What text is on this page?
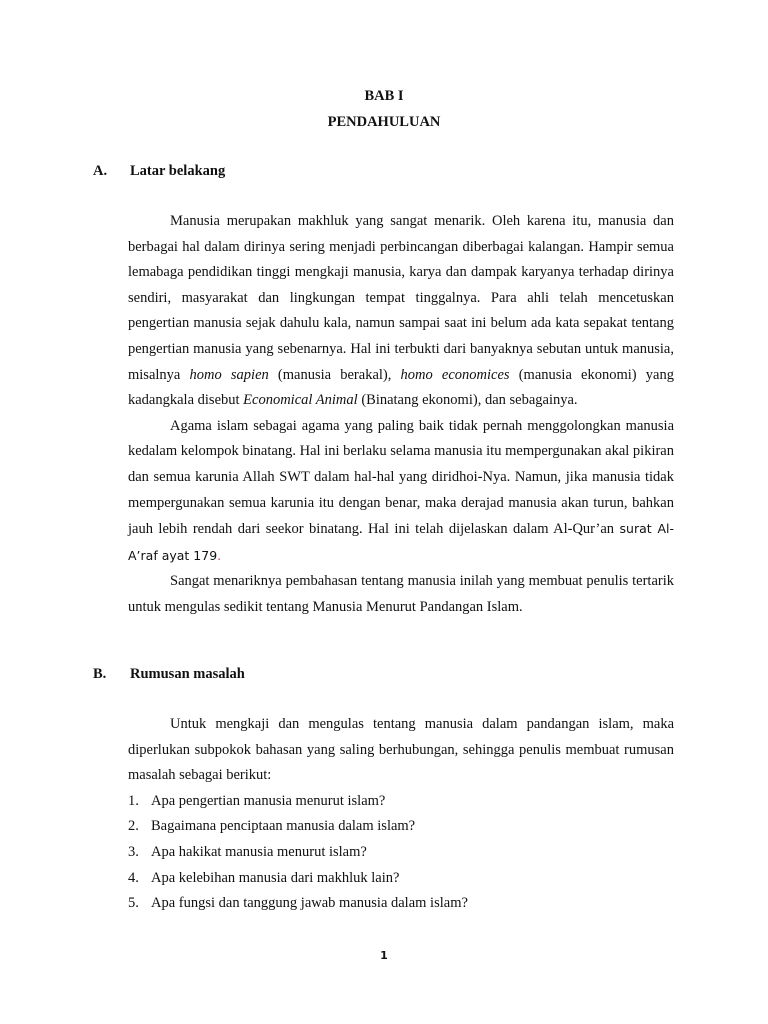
BAB I
PENDAHULUAN
A. Latar belakang

Manusia merupakan makhluk yang sangat menarik. Oleh karena itu, manusia dan berbagai hal dalam dirinya sering menjadi perbincangan diberbagai kalangan. Hampir semua lemabaga pendidikan tinggi mengkaji manusia, karya dan dampak karyanya terhadap dirinya sendiri, masyarakat dan lingkungan tempat tinggalnya. Para ahli telah mencetuskan pengertian manusia sejak dahulu kala, namun sampai saat ini belum ada kata sepakat tentang pengertian manusia yang sebenarnya. Hal ini terbukti dari banyaknya sebutan untuk manusia, misalnya homo sapien (manusia berakal), homo economices (manusia ekonomi) yang kadangkala disebut Economical Animal (Binatang ekonomi), dan sebagainya.

Agama islam sebagai agama yang paling baik tidak pernah menggolongkan manusia kedalam kelompok binatang. Hal ini berlaku selama manusia itu mempergunakan akal pikiran dan semua karunia Allah SWT dalam hal-hal yang diridhoi-Nya. Namun, jika manusia tidak mempergunakan semua karunia itu dengan benar, maka derajad manusia akan turun, bahkan jauh lebih rendah dari seekor binatang. Hal ini telah dijelaskan dalam Al-Qur’an surat Al-A’raf ayat 179.

Sangat menariknya pembahasan tentang manusia inilah yang membuat penulis tertarik untuk mengulas sedikit tentang Manusia Menurut Pandangan Islam.

B. Rumusan masalah

Untuk mengkaji dan mengulas tentang manusia dalam pandangan islam, maka diperlukan subpokok bahasan yang saling berhubungan, sehingga penulis membuat rumusan masalah sebagai berikut:

1. Apa pengertian manusia menurut islam?
2. Bagaimana penciptaan manusia dalam islam?
3. Apa hakikat manusia menurut islam?
4. Apa kelebihan manusia dari makhluk lain?
5. Apa fungsi dan tanggung jawab manusia dalam islam?
1
